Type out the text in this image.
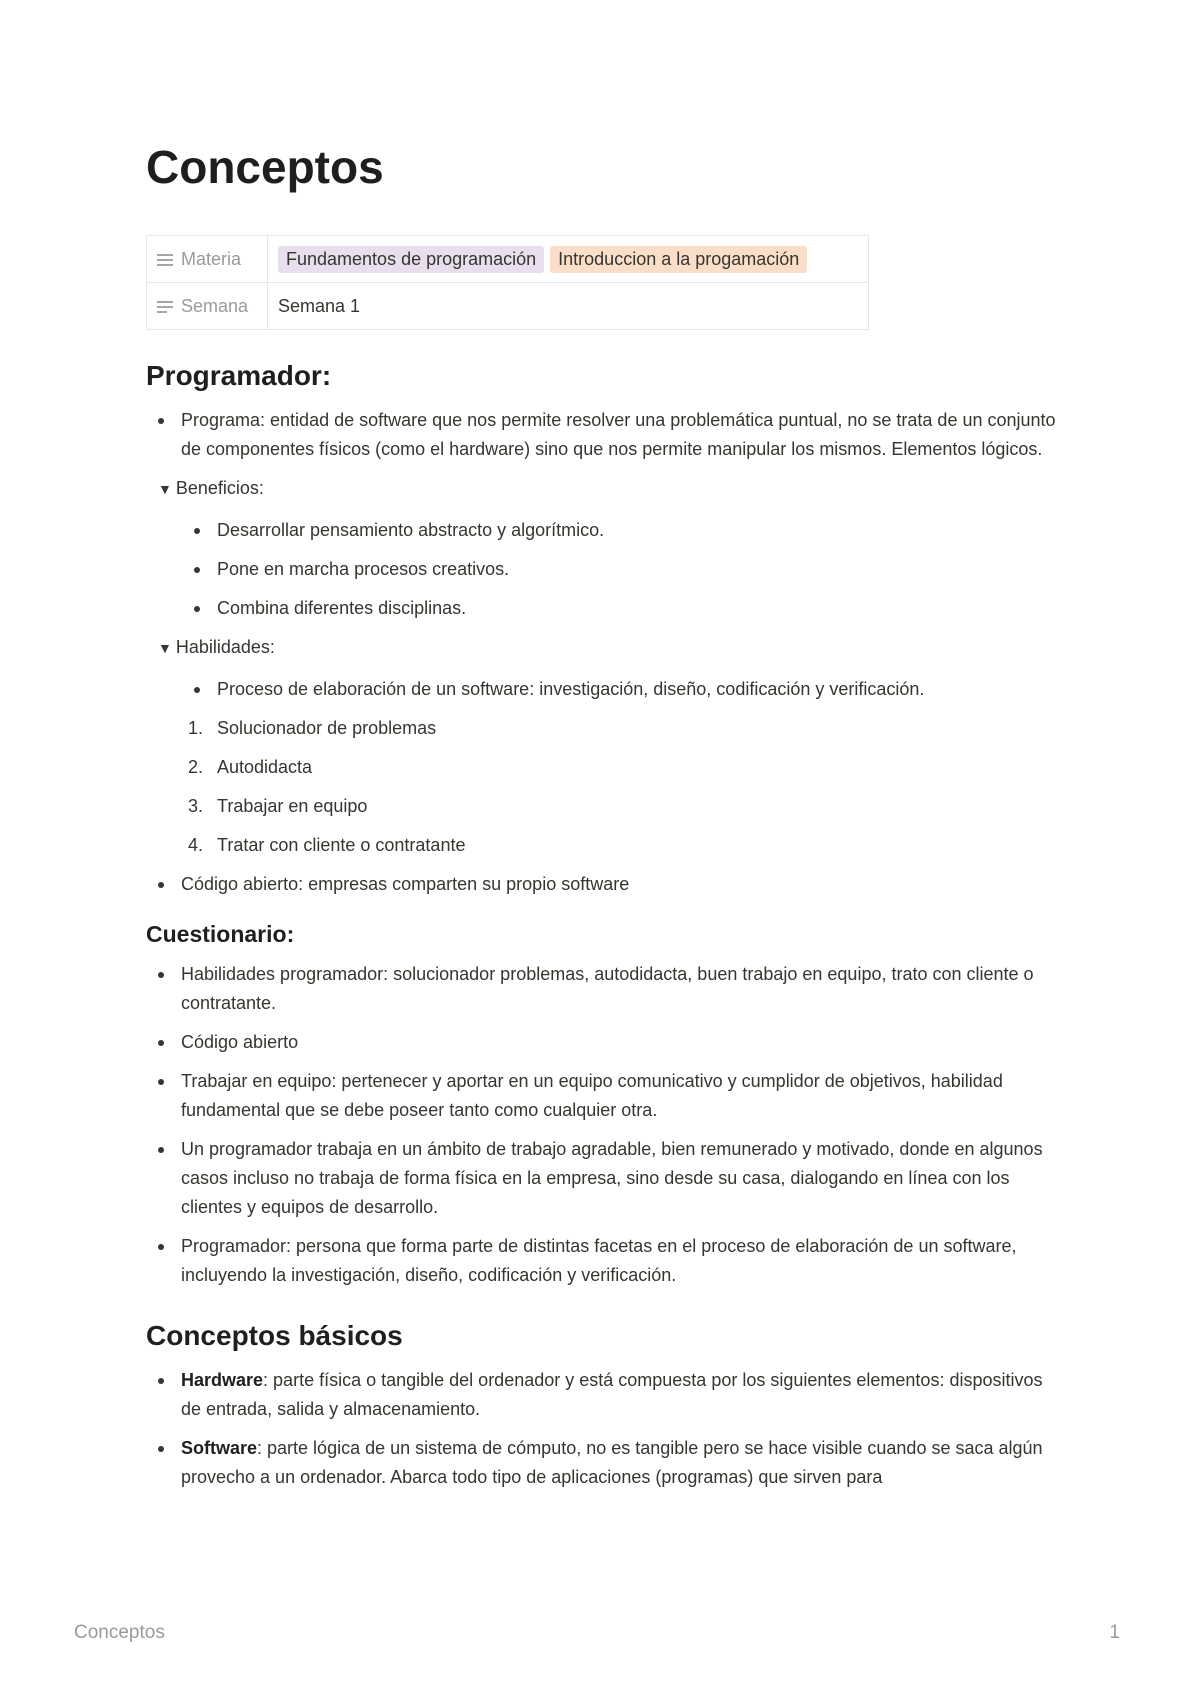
Conceptos
Materia	Fundamentos de programación Introduccion a la progamación

Semana	Semana 1
Programador:
Programa: entidad de software que nos permite resolver una problemática puntual, no se trata de un conjunto de componentes físicos (como el hardware) sino que nos permite manipular los mismos. Elementos lógicos.
▼ Beneficios:
Desarrollar pensamiento abstracto y algorítmico.
Pone en marcha procesos creativos.
Combina diferentes disciplinas.
▼ Habilidades:
Proceso de elaboración de un software: investigación, diseño, codificación y verificación.
1. Solucionador de problemas
2. Autodidacta
3. Trabajar en equipo
4. Tratar con cliente o contratante
Código abierto: empresas comparten su propio software
Cuestionario:
Habilidades programador: solucionador problemas, autodidacta, buen trabajo en equipo, trato con cliente o contratante.
Código abierto
Trabajar en equipo: pertenecer y aportar en un equipo comunicativo y cumplidor de objetivos, habilidad fundamental que se debe poseer tanto como cualquier otra.
Un programador trabaja en un ámbito de trabajo agradable, bien remunerado y motivado, donde en algunos casos incluso no trabaja de forma física en la empresa, sino desde su casa, dialogando en línea con los clientes y equipos de desarrollo.
Programador: persona que forma parte de distintas facetas en el proceso de elaboración de un software, incluyendo la investigación, diseño, codificación y verificación.
Conceptos básicos
Hardware: parte física o tangible del ordenador y está compuesta por los siguientes elementos: dispositivos de entrada, salida y almacenamiento.
Software: parte lógica de un sistema de cómputo, no es tangible pero se hace visible cuando se saca algún provecho a un ordenador. Abarca todo tipo de aplicaciones (programas) que sirven para
Conceptos	1
